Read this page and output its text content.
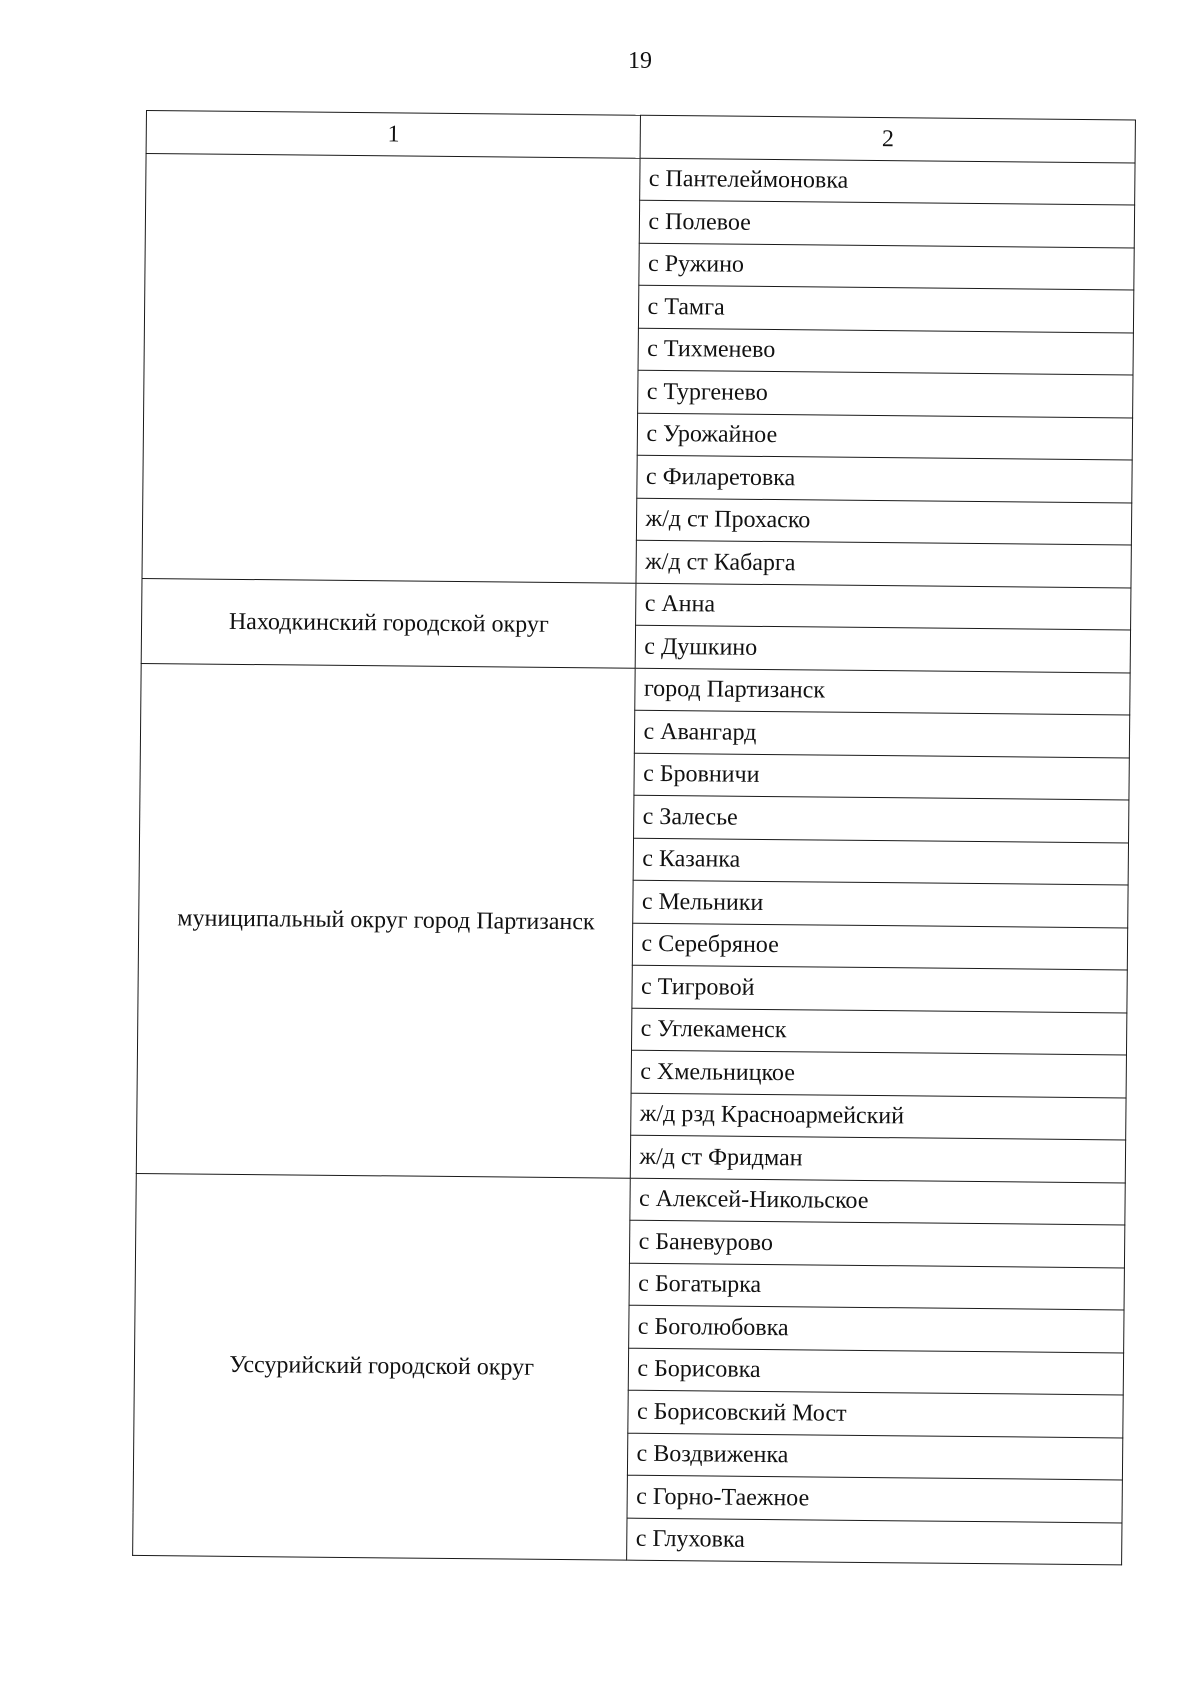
19
1	2
	с Пантелеймоновка
	с Полевое
	с Ружино
	с Тамга
	с Тихменево
	с Тургенево
	с Урожайное
	с Филаретовка
	ж/д ст Прохаско
	ж/д ст Кабарга
Находкинский городской округ	с Анна
	с Душкино
муниципальный округ город Партизанск	город Партизанск
	с Авангард
	с Бровничи
	с Залесье
	с Казанка
	с Мельники
	с Серебряное
	с Тигровой
	с Углекаменск
	с Хмельницкое
	ж/д рзд Красноармейский
	ж/д ст Фридман
Уссурийский городской округ	с Алексей-Никольское
	с Баневурово
	с Богатырка
	с Боголюбовка
	с Борисовка
	с Борисовский Мост
	с Воздвиженка
	с Горно-Таежное
	с Глуховка
